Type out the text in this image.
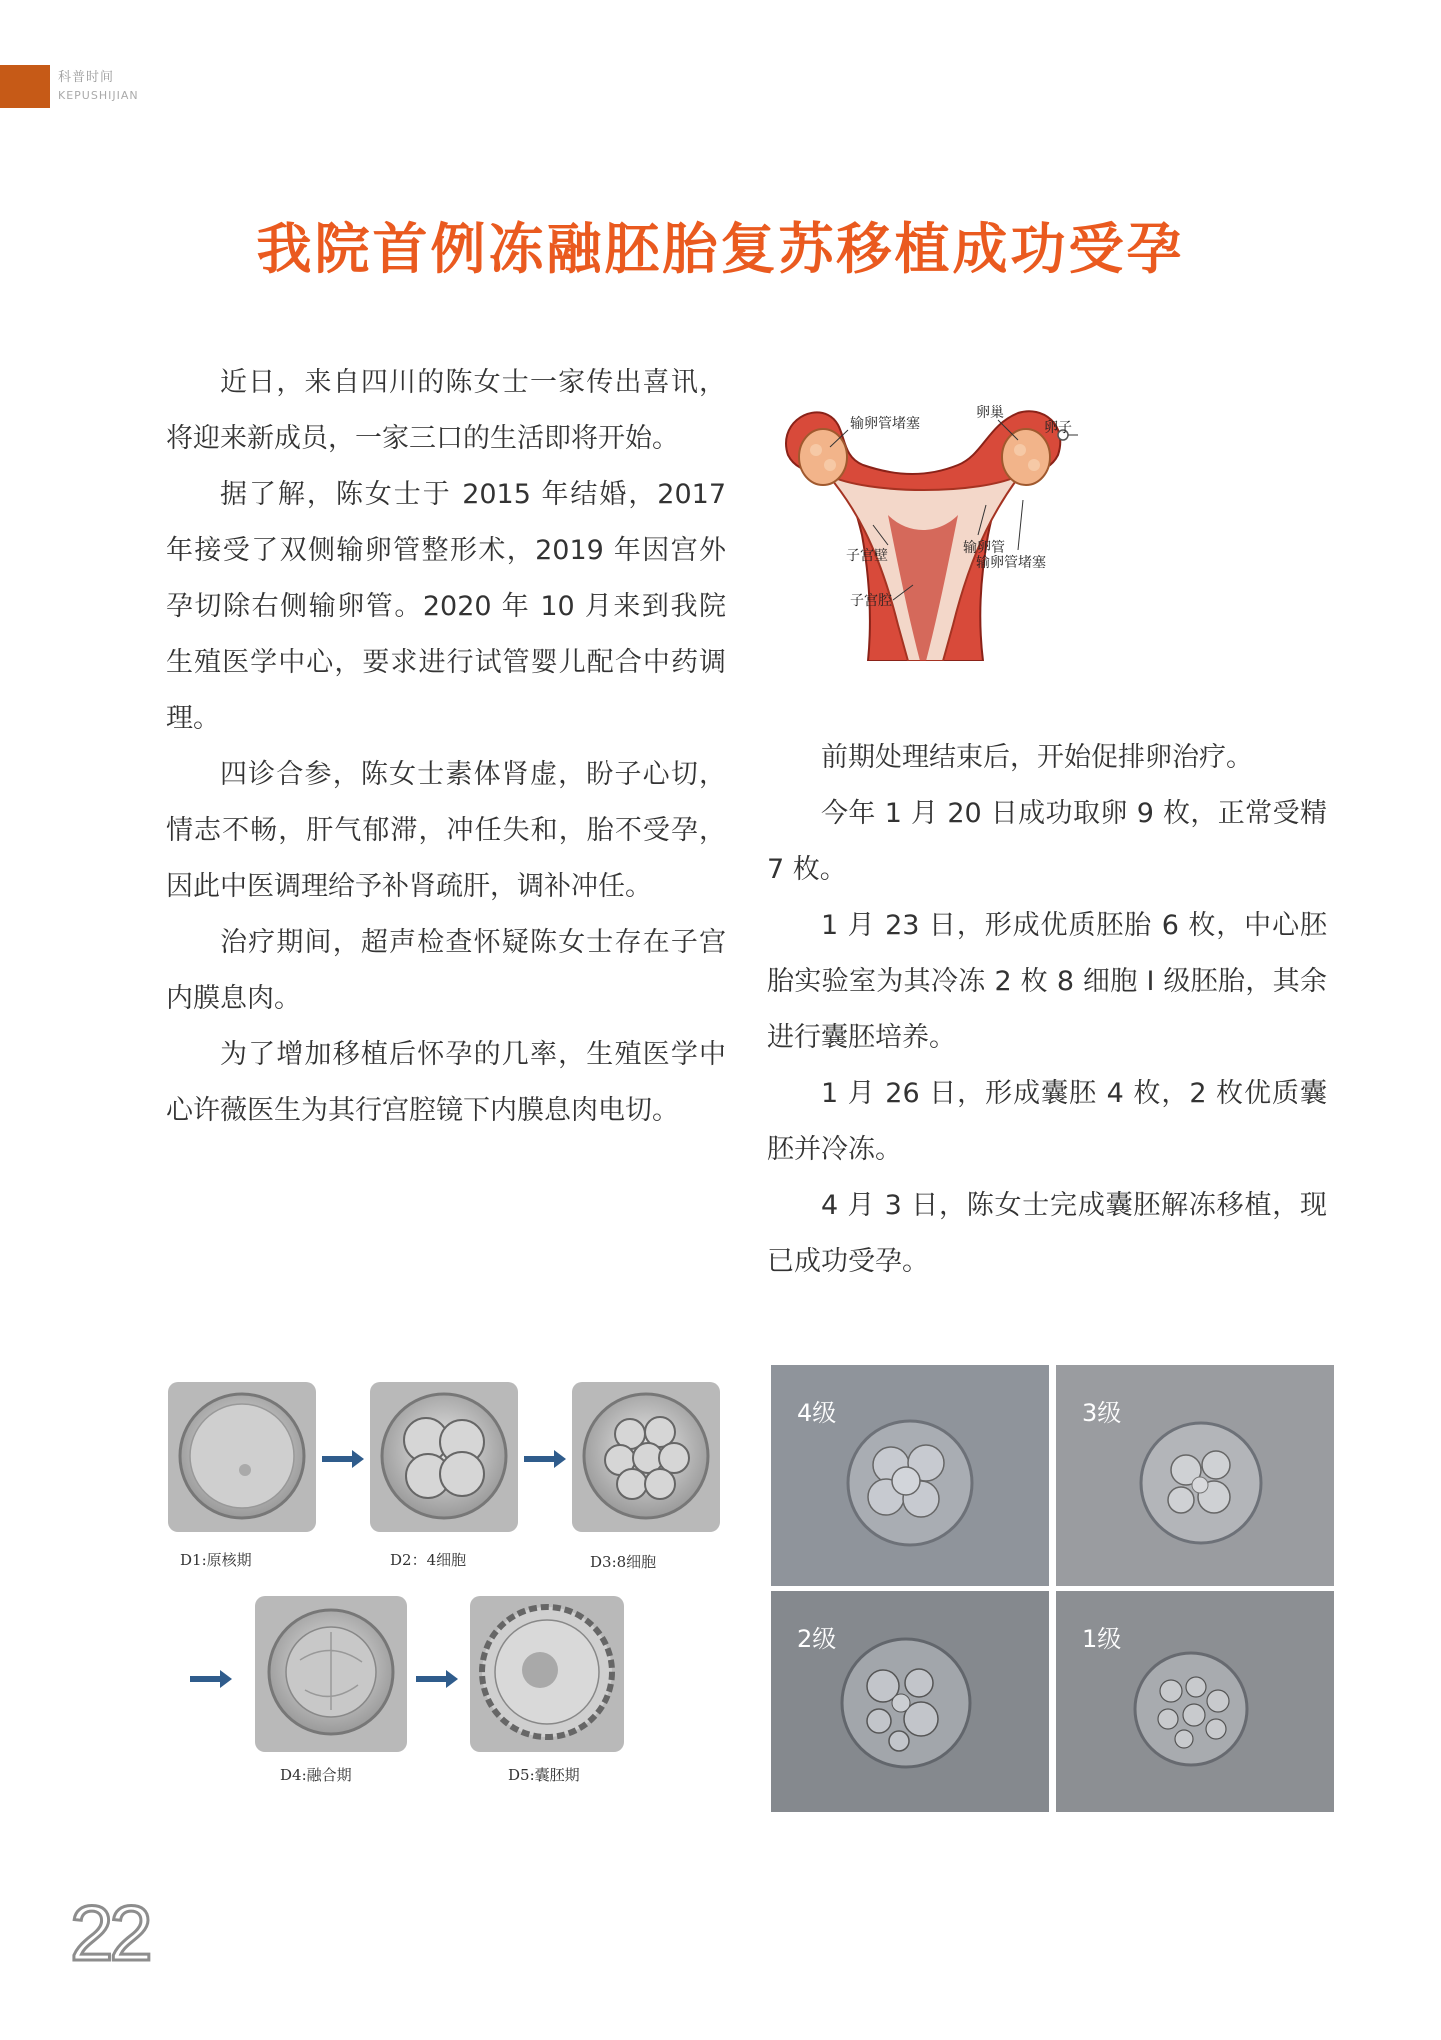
科普时间
KEPUSHIJIAN
我院首例冻融胚胎复苏移植成功受孕

近日，来自四川的陈女士一家传出喜讯，将迎来新成员，一家三口的生活即将开始。

据了解，陈女士于 2015 年结婚，2017 年接受了双侧输卵管整形术，2019 年因宫外孕切除右侧输卵管。2020 年 10 月来到我院生殖医学中心，要求进行试管婴儿配合中药调理。

四诊合参，陈女士素体肾虚，盼子心切，情志不畅，肝气郁滞，冲任失和，胎不受孕，因此中医调理给予补肾疏肝，调补冲任。

治疗期间，超声检查怀疑陈女士存在子宫内膜息肉。

为了增加移植后怀孕的几率，生殖医学中心许薇医生为其行宫腔镜下内膜息肉电切。

输卵管堵塞
卵巢
卵子
子宫壁	输卵管
输卵管堵塞
子宫腔

前期处理结束后，开始促排卵治疗。

今年 1 月 20 日成功取卵 9 枚，正常受精 7 枚。

1 月 23 日，形成优质胚胎 6 枚，中心胚胎实验室为其冷冻 2 枚 8 细胞 I 级胚胎，其余进行囊胚培养。

1 月 26 日，形成囊胚 4 枚，2 枚优质囊胚并冷冻。

4 月 3 日，陈女士完成囊胚解冻移植，现已成功受孕。

D1:原核期	D2：4细胞	D3:8细胞
D4:融合期	D5:囊胚期
4级	3级
2级	1级
22
